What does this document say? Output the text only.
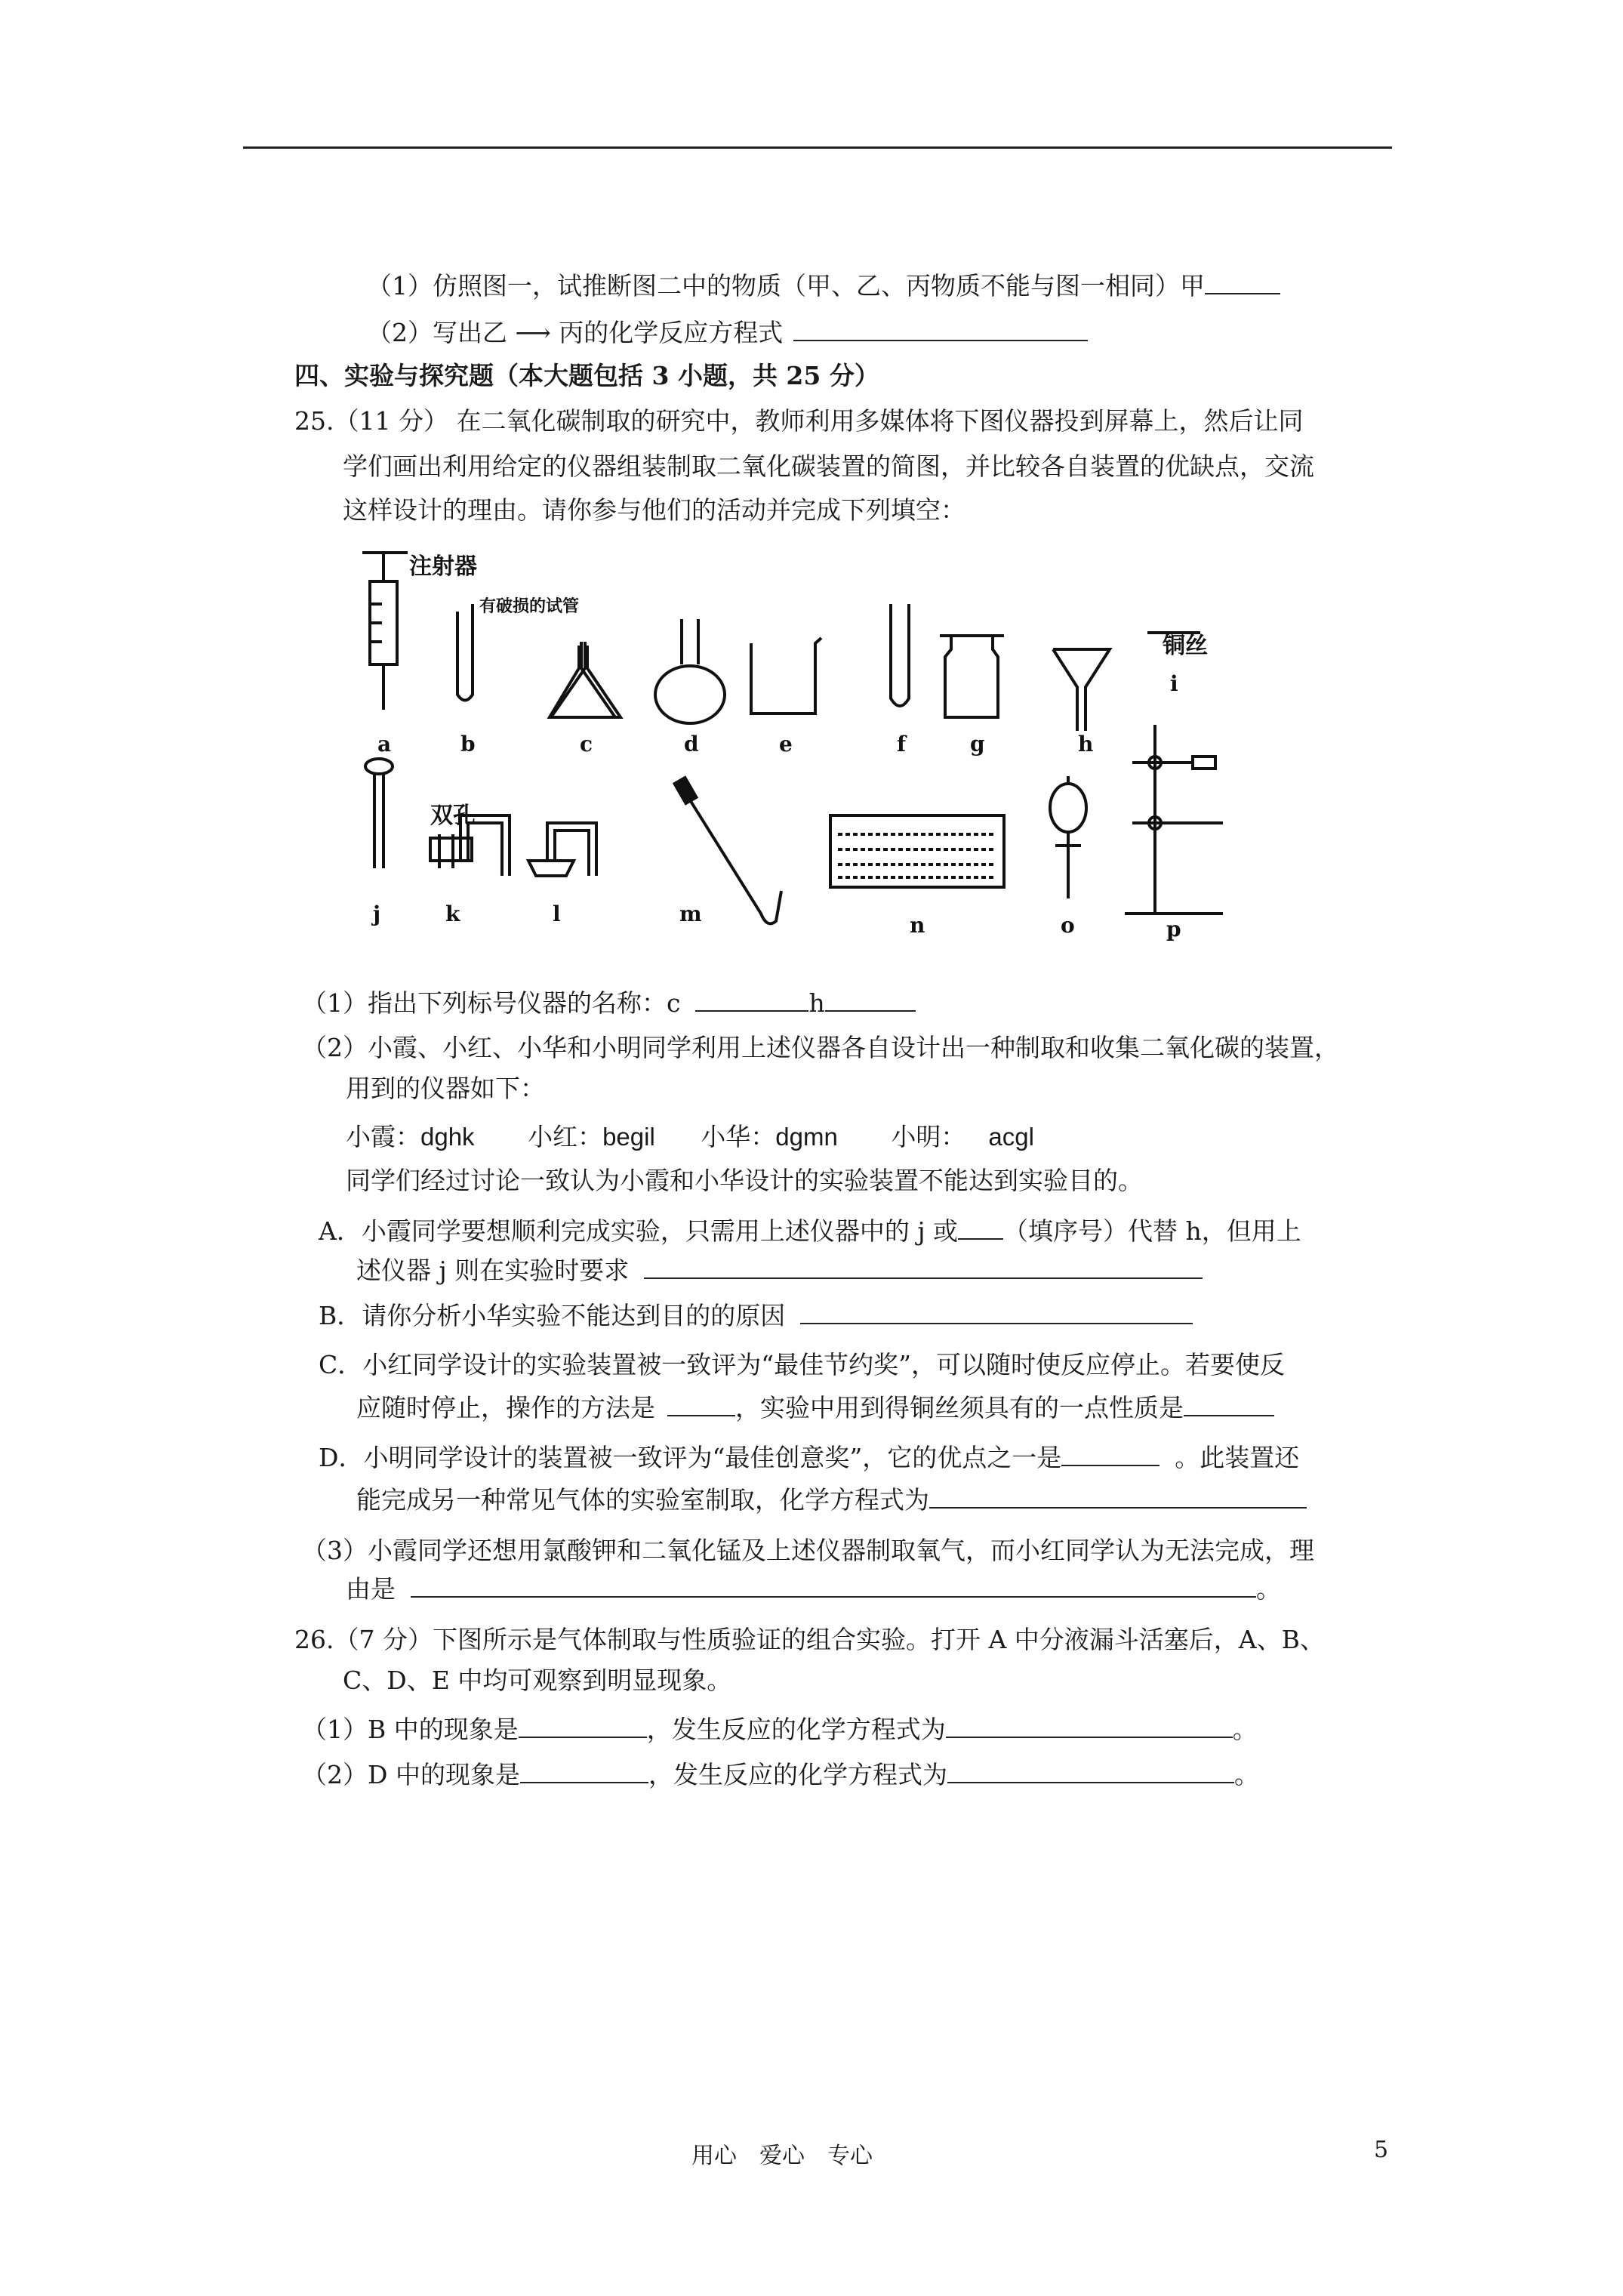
（1）仿照图一，试推断图二中的物质（甲、乙、丙物质不能与图一相同）甲
（2）写出乙 ⟶ 丙的化学反应方程式
四、实验与探究题（本大题包括 3 小题，共 25 分）
25.（11 分） 在二氧化碳制取的研究中，教师利用多媒体将下图仪器投到屏幕上，然后让同
学们画出利用给定的仪器组装制取二氧化碳装置的简图，并比较各自装置的优缺点，交流
这样设计的理由。请你参与他们的活动并完成下列填空：
注射器
铜丝
双孔
有破损的试管
a	b	c	d	e	f	g	h
i
j	k	l	m	n	o	p
（1）指出下列标号仪器的名称：c	h
（2）小霞、小红、小华和小明同学利用上述仪器各自设计出一种制取和收集二氧化碳的装置，
用到的仪器如下：
小霞：dghk 小红：begil 小华：dgmn 小明： acgl
同学们经过讨论一致认为小霞和小华设计的实验装置不能达到实验目的。
A．小霞同学要想顺利完成实验，只需用上述仪器中的 j 或 （填序号）代替 h，但用上
述仪器 j 则在实验时要求
B．请你分析小华实验不能达到目的的原因
C．小红同学设计的实验装置被一致评为“最佳节约奖”，可以随时使反应停止。若要使反
应随时停止，操作的方法是	，实验中用到得铜丝须具有的一点性质是
D．小明同学设计的装置被一致评为“最佳创意奖”，它的优点之一是	。此装置还
能完成另一种常见气体的实验室制取，化学方程式为
（3）小霞同学还想用氯酸钾和二氧化锰及上述仪器制取氧气，而小红同学认为无法完成，理
由是	。
26.（7 分）下图所示是气体制取与性质验证的组合实验。打开 A 中分液漏斗活塞后，A、B、
C、D、E 中均可观察到明显现象。
（1）B 中的现象是	，发生反应的化学方程式为	。
（2）D 中的现象是	，发生反应的化学方程式为	。
用心　爱心　专心	5
